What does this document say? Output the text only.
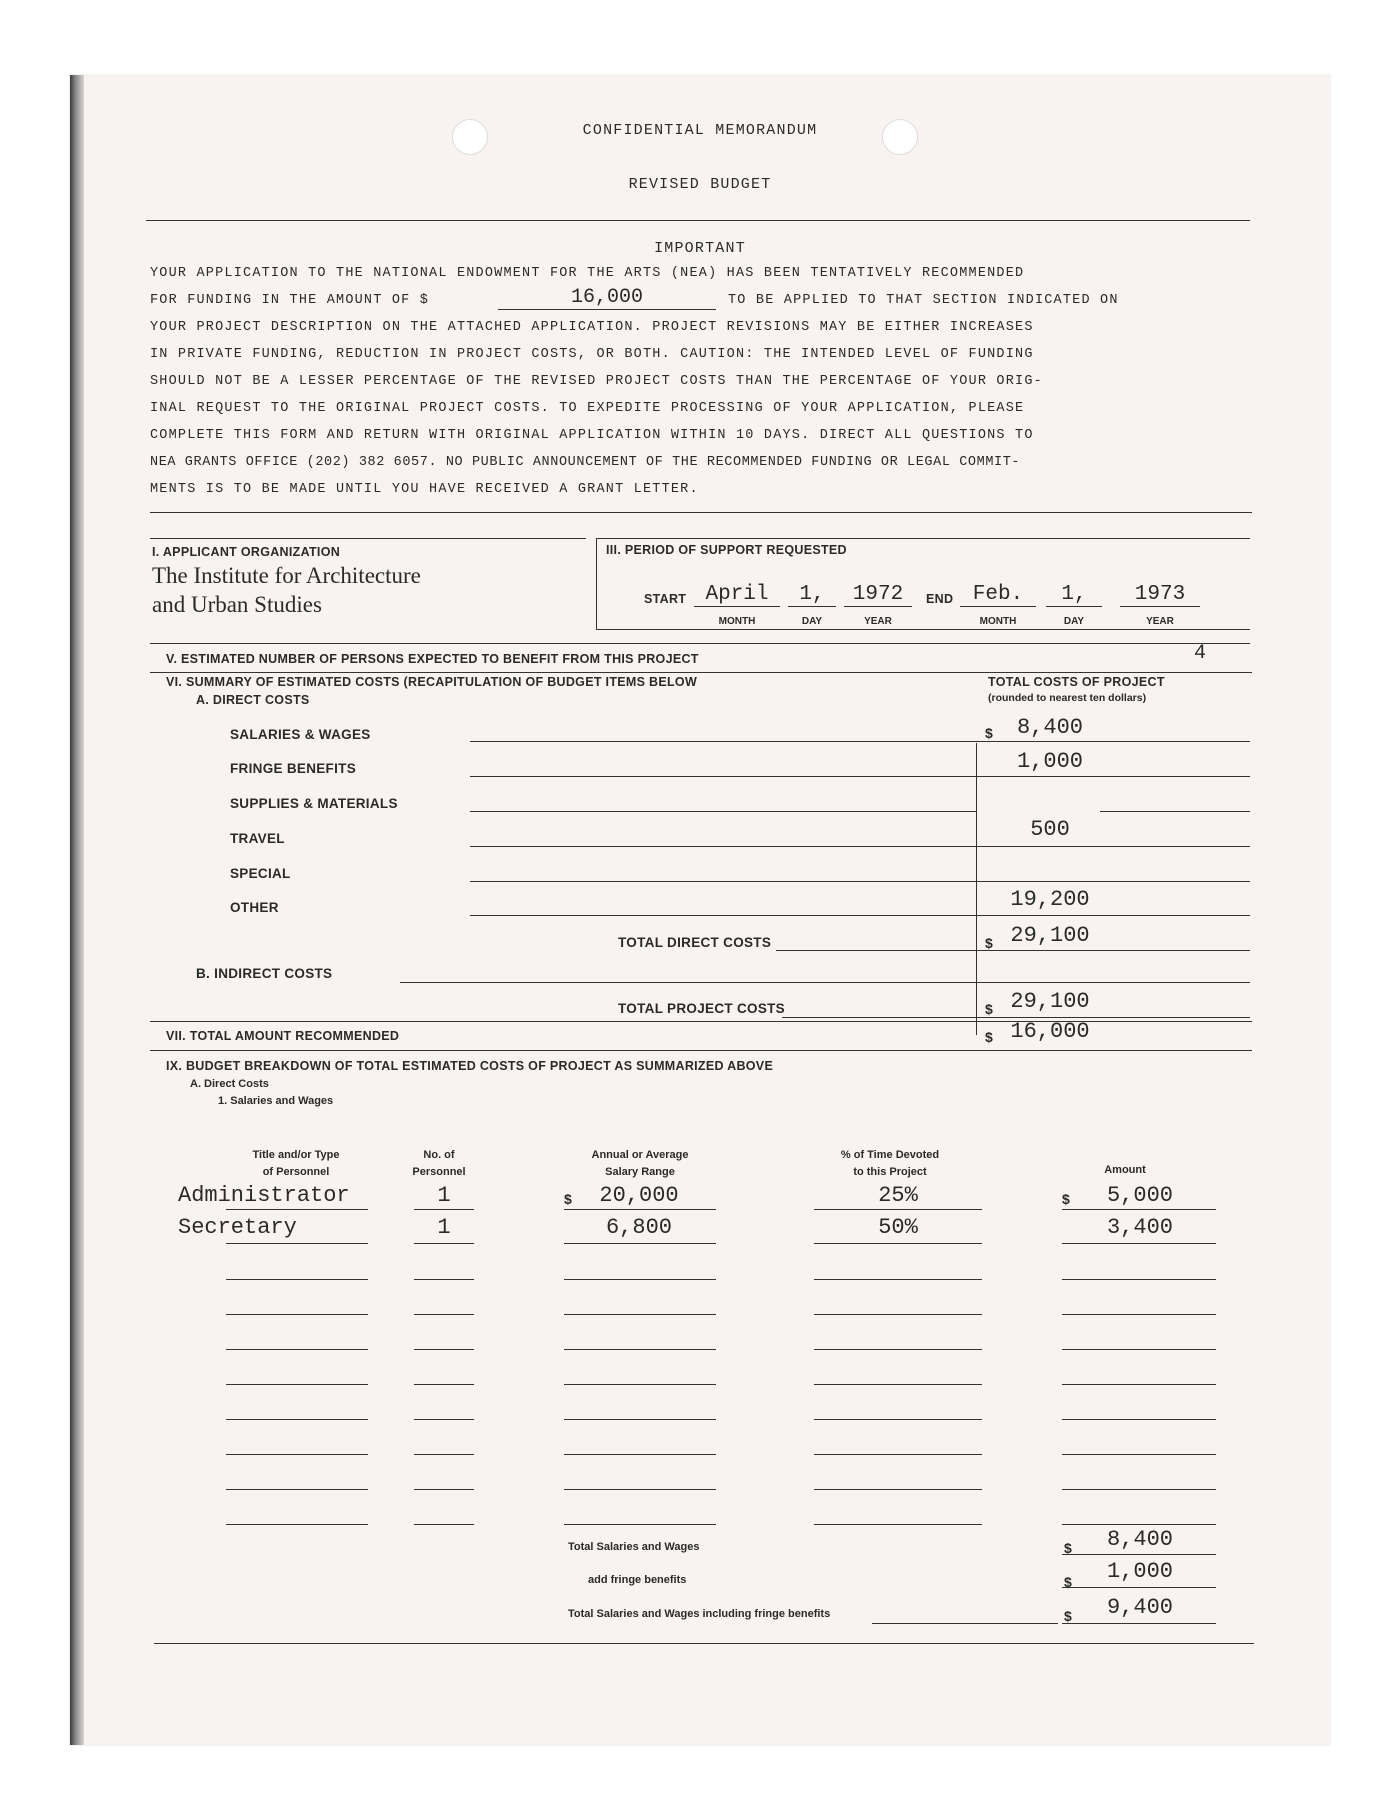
CONFIDENTIAL MEMORANDUM
REVISED BUDGET
IMPORTANT
YOUR APPLICATION TO THE NATIONAL ENDOWMENT FOR THE ARTS (NEA) HAS BEEN TENTATIVELY RECOMMENDED
FOR FUNDING IN THE AMOUNT OF $	16,000	TO BE APPLIED TO THAT SECTION INDICATED ON
YOUR PROJECT DESCRIPTION ON THE ATTACHED APPLICATION. PROJECT REVISIONS MAY BE EITHER INCREASES
IN PRIVATE FUNDING, REDUCTION IN PROJECT COSTS, OR BOTH. CAUTION: THE INTENDED LEVEL OF FUNDING
SHOULD NOT BE A LESSER PERCENTAGE OF THE REVISED PROJECT COSTS THAN THE PERCENTAGE OF YOUR ORIG-
INAL REQUEST TO THE ORIGINAL PROJECT COSTS. TO EXPEDITE PROCESSING OF YOUR APPLICATION, PLEASE
COMPLETE THIS FORM AND RETURN WITH ORIGINAL APPLICATION WITHIN 10 DAYS. DIRECT ALL QUESTIONS TO
NEA GRANTS OFFICE (202) 382 6057. NO PUBLIC ANNOUNCEMENT OF THE RECOMMENDED FUNDING OR LEGAL COMMIT-
MENTS IS TO BE MADE UNTIL YOU HAVE RECEIVED A GRANT LETTER.
I. APPLICANT ORGANIZATION
The Institute for Architecture
and Urban Studies
III. PERIOD OF SUPPORT REQUESTED
START April	1,	1972
MONTH	DAY	YEAR
END Feb.	1,	1973
MONTH	DAY	YEAR
V. ESTIMATED NUMBER OF PERSONS EXPECTED TO BENEFIT FROM THIS PROJECT	4
VI. SUMMARY OF ESTIMATED COSTS (RECAPITULATION OF BUDGET ITEMS BELOW
A. DIRECT COSTS
TOTAL COSTS OF PROJECT
(rounded to nearest ten dollars)
SALARIES & WAGES	$	8,400
FRINGE BENEFITS	1,000
SUPPLIES & MATERIALS
TRAVEL	500
SPECIAL
OTHER	19,200
TOTAL DIRECT COSTS	$ 29,100
B. INDIRECT COSTS
TOTAL PROJECT COSTS	$ 29,100
VII. TOTAL AMOUNT RECOMMENDED	$ 16,000
IX. BUDGET BREAKDOWN OF TOTAL ESTIMATED COSTS OF PROJECT AS SUMMARIZED ABOVE
A. Direct Costs
1. Salaries and Wages
Title and/or Type
of Personnel
No. of
Personnel
Annual or Average
Salary Range
% of Time Devoted
to this Project	Amount
Administrator	1	$	20,000	25%	$	5,000
Secretary	1	6,800	50%	3,400
Total Salaries and Wages	$	8,400
add fringe benefits	$	1,000
Total Salaries and Wages including fringe benefits	$	9,400
